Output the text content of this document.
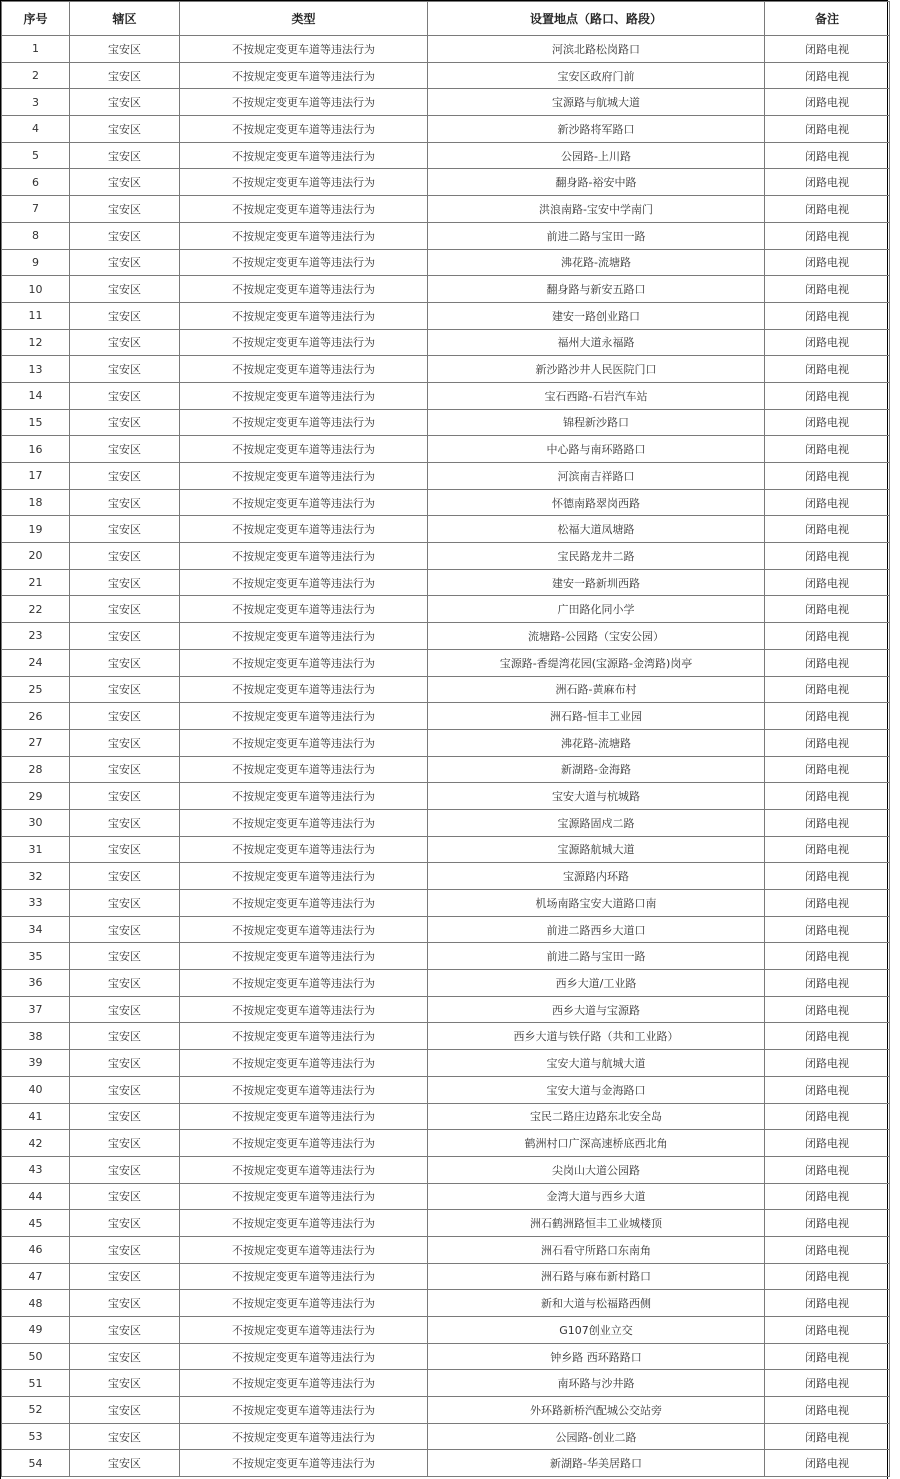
序号	辖区	类型	设置地点（路口、路段）	备注
1	宝安区	不按规定变更车道等违法行为	河滨北路松岗路口	闭路电视
2	宝安区	不按规定变更车道等违法行为	宝安区政府门前	闭路电视
3	宝安区	不按规定变更车道等违法行为	宝源路与航城大道	闭路电视
4	宝安区	不按规定变更车道等违法行为	新沙路将军路口	闭路电视
5	宝安区	不按规定变更车道等违法行为	公园路-上川路	闭路电视
6	宝安区	不按规定变更车道等违法行为	翻身路-裕安中路	闭路电视
7	宝安区	不按规定变更车道等违法行为	洪浪南路-宝安中学南门	闭路电视
8	宝安区	不按规定变更车道等违法行为	前进二路与宝田一路	闭路电视
9	宝安区	不按规定变更车道等违法行为	沸花路-流塘路	闭路电视
10	宝安区	不按规定变更车道等违法行为	翻身路与新安五路口	闭路电视
11	宝安区	不按规定变更车道等违法行为	建安一路创业路口	闭路电视
12	宝安区	不按规定变更车道等违法行为	福州大道永福路	闭路电视
13	宝安区	不按规定变更车道等违法行为	新沙路沙井人民医院门口	闭路电视
14	宝安区	不按规定变更车道等违法行为	宝石西路-石岩汽车站	闭路电视
15	宝安区	不按规定变更车道等违法行为	锦程新沙路口	闭路电视
16	宝安区	不按规定变更车道等违法行为	中心路与南环路路口	闭路电视
17	宝安区	不按规定变更车道等违法行为	河滨南吉祥路口	闭路电视
18	宝安区	不按规定变更车道等违法行为	怀德南路翠岗西路	闭路电视
19	宝安区	不按规定变更车道等违法行为	松福大道凤塘路	闭路电视
20	宝安区	不按规定变更车道等违法行为	宝民路龙井二路	闭路电视
21	宝安区	不按规定变更车道等违法行为	建安一路新圳西路	闭路电视
22	宝安区	不按规定变更车道等违法行为	广田路化同小学	闭路电视
23	宝安区	不按规定变更车道等违法行为	流塘路-公园路（宝安公园）	闭路电视
24	宝安区	不按规定变更车道等违法行为	宝源路-香缇湾花园(宝源路-金湾路)岗亭	闭路电视
25	宝安区	不按规定变更车道等违法行为	洲石路-黄麻布村	闭路电视
26	宝安区	不按规定变更车道等违法行为	洲石路-恒丰工业园	闭路电视
27	宝安区	不按规定变更车道等违法行为	沸花路-流塘路	闭路电视
28	宝安区	不按规定变更车道等违法行为	新湖路-金海路	闭路电视
29	宝安区	不按规定变更车道等违法行为	宝安大道与杭城路	闭路电视
30	宝安区	不按规定变更车道等违法行为	宝源路固戍二路	闭路电视
31	宝安区	不按规定变更车道等违法行为	宝源路航城大道	闭路电视
32	宝安区	不按规定变更车道等违法行为	宝源路内环路	闭路电视
33	宝安区	不按规定变更车道等违法行为	机场南路宝安大道路口南	闭路电视
34	宝安区	不按规定变更车道等违法行为	前进二路西乡大道口	闭路电视
35	宝安区	不按规定变更车道等违法行为	前进二路与宝田一路	闭路电视
36	宝安区	不按规定变更车道等违法行为	西乡大道/工业路	闭路电视
37	宝安区	不按规定变更车道等违法行为	西乡大道与宝源路	闭路电视
38	宝安区	不按规定变更车道等违法行为	西乡大道与铁仔路（共和工业路）	闭路电视
39	宝安区	不按规定变更车道等违法行为	宝安大道与航城大道	闭路电视
40	宝安区	不按规定变更车道等违法行为	宝安大道与金海路口	闭路电视
41	宝安区	不按规定变更车道等违法行为	宝民二路庄边路东北安全岛	闭路电视
42	宝安区	不按规定变更车道等违法行为	鹤洲村口广深高速桥底西北角	闭路电视
43	宝安区	不按规定变更车道等违法行为	尖岗山大道公园路	闭路电视
44	宝安区	不按规定变更车道等违法行为	金湾大道与西乡大道	闭路电视
45	宝安区	不按规定变更车道等违法行为	洲石鹤洲路恒丰工业城楼顶	闭路电视
46	宝安区	不按规定变更车道等违法行为	洲石看守所路口东南角	闭路电视
47	宝安区	不按规定变更车道等违法行为	洲石路与麻布新村路口	闭路电视
48	宝安区	不按规定变更车道等违法行为	新和大道与松福路西侧	闭路电视
49	宝安区	不按规定变更车道等违法行为	G107创业立交	闭路电视
50	宝安区	不按规定变更车道等违法行为	钟乡路 西环路路口	闭路电视
51	宝安区	不按规定变更车道等违法行为	南环路与沙井路	闭路电视
52	宝安区	不按规定变更车道等违法行为	外环路新桥汽配城公交站旁	闭路电视
53	宝安区	不按规定变更车道等违法行为	公园路-创业二路	闭路电视
54	宝安区	不按规定变更车道等违法行为	新湖路-华美居路口	闭路电视
